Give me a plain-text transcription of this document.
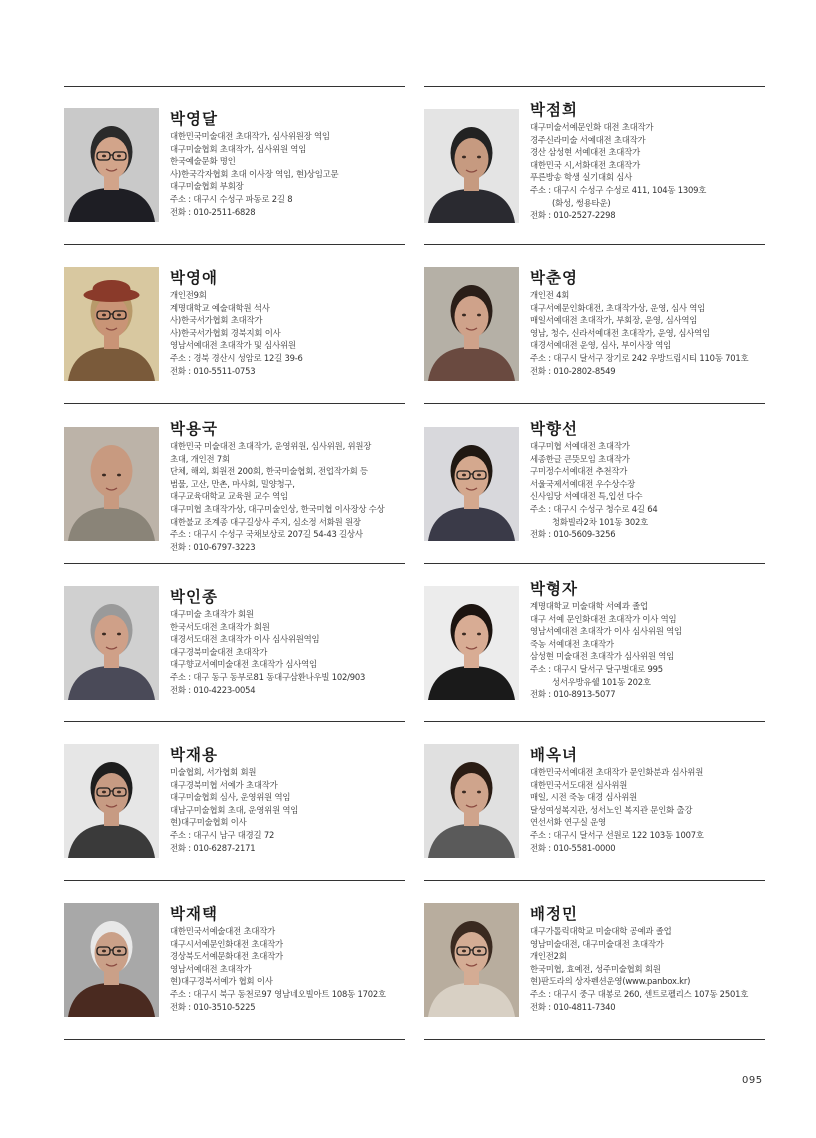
박영달
대한민국미술대전 초대작가, 심사위원장 역임
대구미술협회 초대작가, 심사위원 역임
한국예술문화 명인
사)한국각자협회 초대 이사장 역임, 현)상임고문
대구미술협회 부회장
주소 : 대구시 수성구 파동로 2길 8
전화 : 010-2511-6828
박영애
개인전9회
계명대학교 예술대학원 석사
사)한국서가협회 초대작가
사)한국서가협회 경북지회 이사
영남서예대전 초대작가 및 심사위원
주소 : 경북 경산시 성암로 12길 39-6
전화 : 010-5511-0753
박용국
대한민국 미술대전 초대작가, 운영위원, 심사위원, 위원장
초대, 개인전 7회
단체, 해외, 회원전 200회, 한국미술협회, 전업작가회 등
범물, 고산, 만촌, 마사회, 밀양청구,
대구교육대학교 교육원 교수 역임
대구미협 초대작가상, 대구미술인상, 한국미협 이사장상 수상
대한불교 조계종 대구길상사 주지, 심소정 서화원 원장
주소 : 대구시 수성구 국채보상로 207길 54-43 길상사
전화 : 010-6797-3223
박인종
대구미술 초대작가 회원
한국서도대전 초대작가 회원
대경서도대전 초대작가 이사 심사위원역임
대구경북미술대전 초대작가
대구향교서예미술대전 초대작가 심사역임
주소 : 대구 동구 동부로81 동대구삼환나우빌 102/903
전화 : 010-4223-0054
박재용
미술협회, 서가협회 회원
대구경북미협 서예가 초대작가
대구미술협회 심사, 운영위원 역임
대남구미술협회 초대, 운영위원 역임
현)대구미술협회 이사
주소 : 대구시 남구 대경길 72
전화 : 010-6287-2171
박재택
대한민국서예술대전 초대작가
대구시서예문인화대전 초대작가
경상북도서예문화대전 초대작가
영남서예대전 초대작가
현)대구경북서예가 협회 이사
주소 : 대구시 북구 동천로97 영남네오빌아트 108동 1702호
전화 : 010-3510-5225
박점희
대구미술서예문인화 대전 초대작가
경주신라미술 서예대전 초대작가
경산 삼성현 서예대전 초대작가
대한민국 시,서화대전 초대작가
푸른방송 학생 실기대회 심사
주소 : 대구시 수성구 수성로 411, 104동 1309호
(화성, 썽용타운)
전화 : 010-2527-2298
박춘영
개인전 4회
대구서예문인화대전, 초대작가상, 운영, 심사 역임
매일서예대전 초대작가, 부회장, 운영, 심사역임
영남, 청수, 신라서예대전 초대작가, 운영, 심사역임
대경서예대전 운영, 심사, 부이사장 역임
주소 : 대구시 달서구 장기로 242 우방드림시티 110동 701호
전화 : 010-2802-8549
박향선
대구미협 서예대전 초대작가
세종한글 큰뜻모임 초대작가
구미정수서예대전 추천작가
서울국제서예대전 우수상수장
신사임당 서예대전 특,입선 다수
주소 : 대구시 수성구 청수로 4길 64
청화빌라2차 101동 302호
전화 : 010-5609-3256
박형자
계명대학교 미술대학 서예과 졸업
대구 서예 문인화대전 초대작가 이사 역임
영남서예대전 초대작가 이사 심사위원 역임
죽농 서예대전 초대작가
삼성현 미술대전 초대작가 심사위원 역임
주소 : 대구시 달서구 달구벌대로 995
성서우방유쉘 101동 202호
전화 : 010-8913-5077
배옥녀
대한민국서예대전 초대작가 문인화분과 심사위원
대한민국서도대전 심사위원
매일, 시전 죽농 대경 심사위원
달성여성복지관, 성서노인 복지관 문인화 출강
연선서화 연구실 운영
주소 : 대구시 달서구 선원로 122 103동 1007호
전화 : 010-5581-0000
배정민
대구가톨릭대학교 미술대학 공예과 졸업
영남미술대전, 대구미술대전 초대작가
개인전2회
한국미협, 효예전, 성주미술협회 회원
현)판도라의 상자펜션운영(www.panbox.kr)
주소 : 대구시 중구 대봉로 260, 센트로펠리스 107동 2501호
전화 : 010-4811-7340
095
